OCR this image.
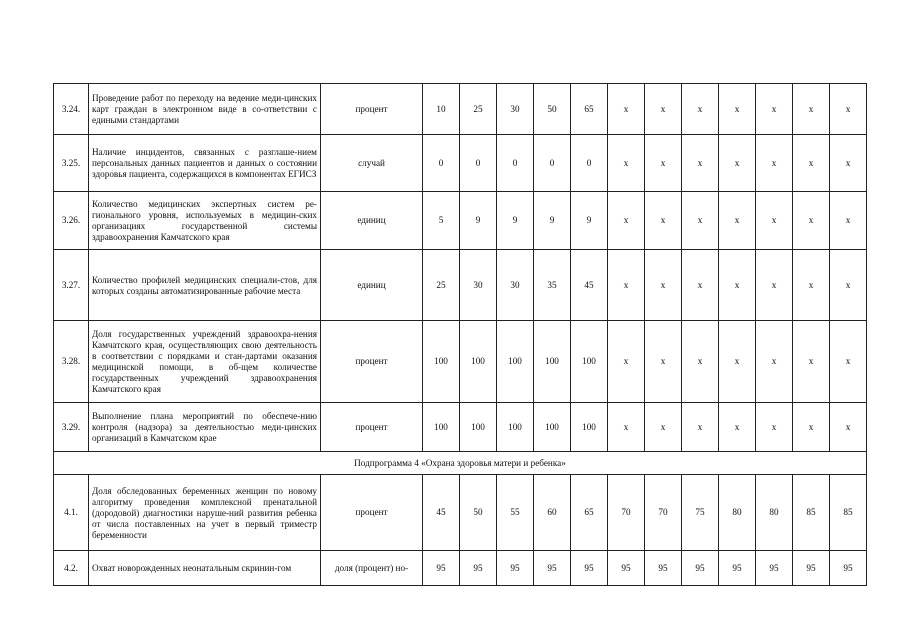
3.24.	Проведение работ по переходу на ведение меди-цинских карт граждан в электронном виде в со-ответствии с едиными стандартами	процент	10	25	30	50	65	x	x	x	x	x	x	x
3.25.	Наличие инцидентов, связанных с разглаше-нием персональных данных пациентов и данных о состоянии здоровья пациента, содержащихся в компонентах ЕГИСЗ	случай	0	0	0	0	0	x	x	x	x	x	x	x
3.26.	Количество медицинских экспертных систем ре-гионального уровня, используемых в медицин-ских организациях государственной системы здравоохранения Камчатского края	единиц	5	9	9	9	9	x	x	x	x	x	x	x
3.27.	Количество профилей медицинских специали-стов, для которых созданы автоматизированные рабочие места	единиц	25	30	30	35	45	x	x	x	x	x	x	x
3.28.	Доля государственных учреждений здравоохра-нения Камчатского края, осуществляющих свою деятельность в соответствии с порядками и стан-дартами оказания медицинской помощи, в об-щем количестве государственных учреждений здравоохранения Камчатского края	процент	100	100	100	100	100	x	x	x	x	x	x	x
3.29.	Выполнение плана мероприятий по обеспече-нию контроля (надзора) за деятельностью меди-цинских организаций в Камчатском крае	процент	100	100	100	100	100	x	x	x	x	x	x	x
Подпрограмма 4 «Охрана здоровья матери и ребенка»														
4.1.	Доля обследованных беременных женщин по новому алгоритму проведения комплексной пренатальной (дородовой) диагностики наруше-ний развития ребенка от числа поставленных на учет в первый триместр беременности	процент	45	50	55	60	65	70	70	75	80	80	85	85
4.2.	Охват новорожденных неонатальным скринин-гом	доля (процент) но-	95	95	95	95	95	95	95	95	95	95	95	95
